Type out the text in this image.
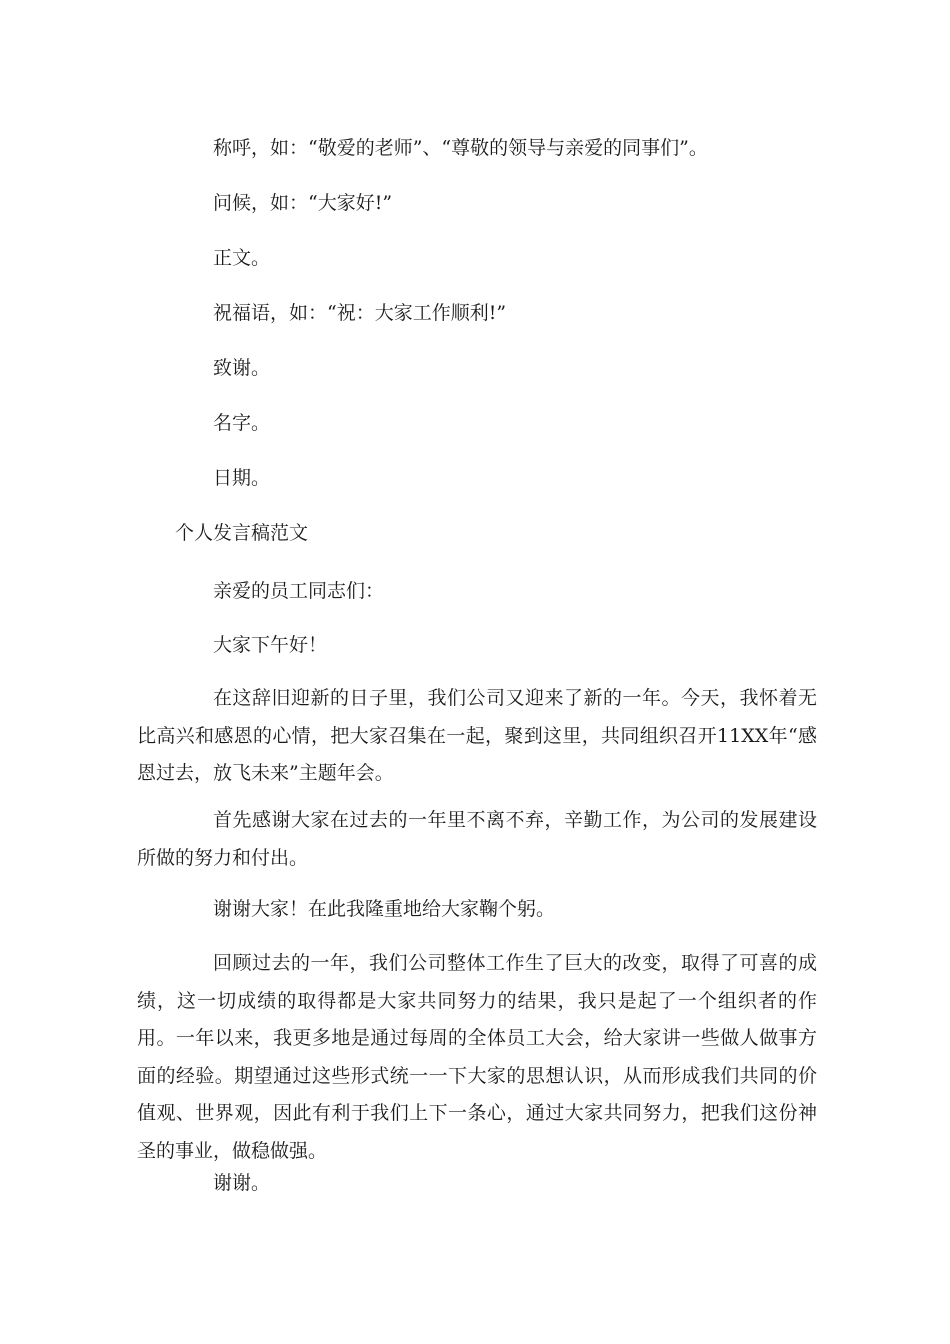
称呼，如：“敬爱的老师”、“尊敬的领导与亲爱的同事们”。
问候，如：“大家好!”
正文。
祝福语，如：“祝：大家工作顺利!”
致谢。
名字。
日期。
个人发言稿范文
亲爱的员工同志们：
大家下午好！
在这辞旧迎新的日子里，我们公司又迎来了新的一年。今天，我怀着无比高兴和感恩的心情，把大家召集在一起，聚到这里，共同组织召开11XX年“感恩过去，放飞未来”主题年会。
首先感谢大家在过去的一年里不离不弃，辛勤工作，为公司的发展建设所做的努力和付出。
谢谢大家！在此我隆重地给大家鞠个躬。
回顾过去的一年，我们公司整体工作生了巨大的改变，取得了可喜的成绩，这一切成绩的取得都是大家共同努力的结果，我只是起了一个组织者的作用。一年以来，我更多地是通过每周的全体员工大会，给大家讲一些做人做事方面的经验。期望通过这些形式统一一下大家的思想认识，从而形成我们共同的价值观、世界观，因此有利于我们上下一条心，通过大家共同努力，把我们这份神圣的事业，做稳做强。
谢谢。
